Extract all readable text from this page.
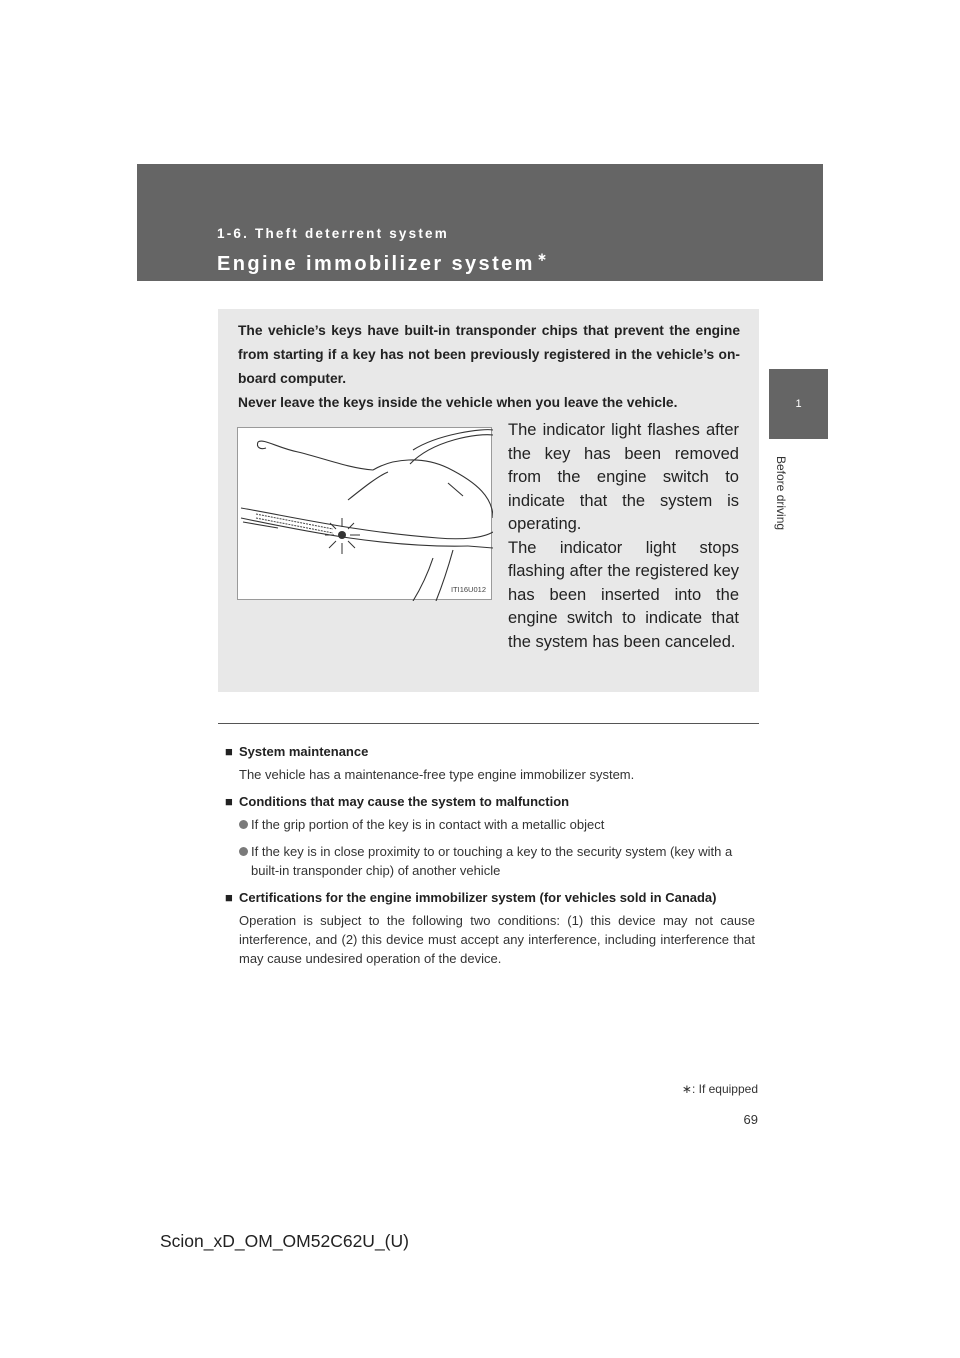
1-6. Theft deterrent system

Engine immobilizer system ∗
1
Before driving

The vehicle’s keys have built-in transponder chips that prevent the engine from starting if a key has not been previously registered in the vehicle’s on-board computer.
Never leave the keys inside the vehicle when you leave the vehicle.

ITI16U012

The indicator light flashes after the key has been removed from the engine switch to indicate that the system is operating.
The indicator light stops flashing after the registered key has been inserted into the engine switch to indicate that the system has been canceled.

■ System maintenance

The vehicle has a maintenance-free type engine immobilizer system.

■ Conditions that may cause the system to malfunction

If the grip portion of the key is in contact with a metallic object
If the key is in close proximity to or touching a key to the security system (key with a built-in transponder chip) of another vehicle

■ Certifications for the engine immobilizer system (for vehicles sold in Canada)

Operation is subject to the following two conditions: (1) this device may not cause interference, and (2) this device must accept any interference, including interference that may cause undesired operation of the device.

∗: If equipped
69
Scion_xD_OM_OM52C62U_(U)
